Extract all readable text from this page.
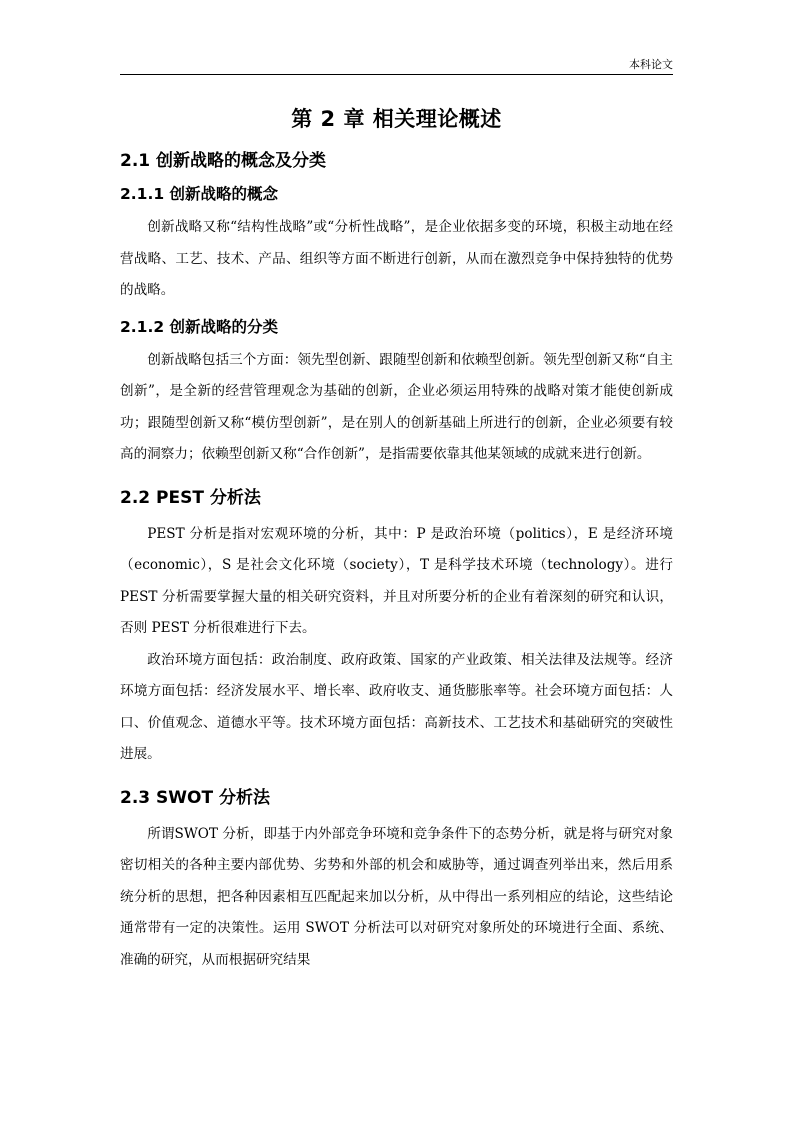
本科论文
第 2 章 相关理论概述
2.1 创新战略的概念及分类
2.1.1 创新战略的概念

创新战略又称“结构性战略”或“分析性战略”，是企业依据多变的环境，积极主动地在经营战略、工艺、技术、产品、组织等方面不断进行创新，从而在激烈竞争中保持独特的优势的战略。

2.1.2 创新战略的分类

创新战略包括三个方面：领先型创新、跟随型创新和依赖型创新。领先型创新又称“自主创新”，是全新的经营管理观念为基础的创新，企业必须运用特殊的战略对策才能使创新成功；跟随型创新又称“模仿型创新”，是在别人的创新基础上所进行的创新，企业必须要有较高的洞察力；依赖型创新又称“合作创新”，是指需要依靠其他某领域的成就来进行创新。

2.2 PEST 分析法

PEST 分析是指对宏观环境的分析，其中：P 是政治环境（politics），E 是经济环境（economic），S 是社会文化环境（society），T 是科学技术环境（technology）。进行 PEST 分析需要掌握大量的相关研究资料，并且对所要分析的企业有着深刻的研究和认识，否则 PEST 分析很难进行下去。

政治环境方面包括：政治制度、政府政策、国家的产业政策、相关法律及法规等。经济环境方面包括：经济发展水平、增长率、政府收支、通货膨胀率等。社会环境方面包括：人口、价值观念、道德水平等。技术环境方面包括：高新技术、工艺技术和基础研究的突破性进展。

2.3 SWOT 分析法

所谓SWOT 分析，即基于内外部竞争环境和竞争条件下的态势分析，就是将与研究对象密切相关的各种主要内部优势、劣势和外部的机会和威胁等，通过调查列举出来，然后用系统分析的思想，把各种因素相互匹配起来加以分析，从中得出一系列相应的结论，这些结论通常带有一定的决策性。运用 SWOT 分析法可以对研究对象所处的环境进行全面、系统、准确的研究，从而根据研究结果
